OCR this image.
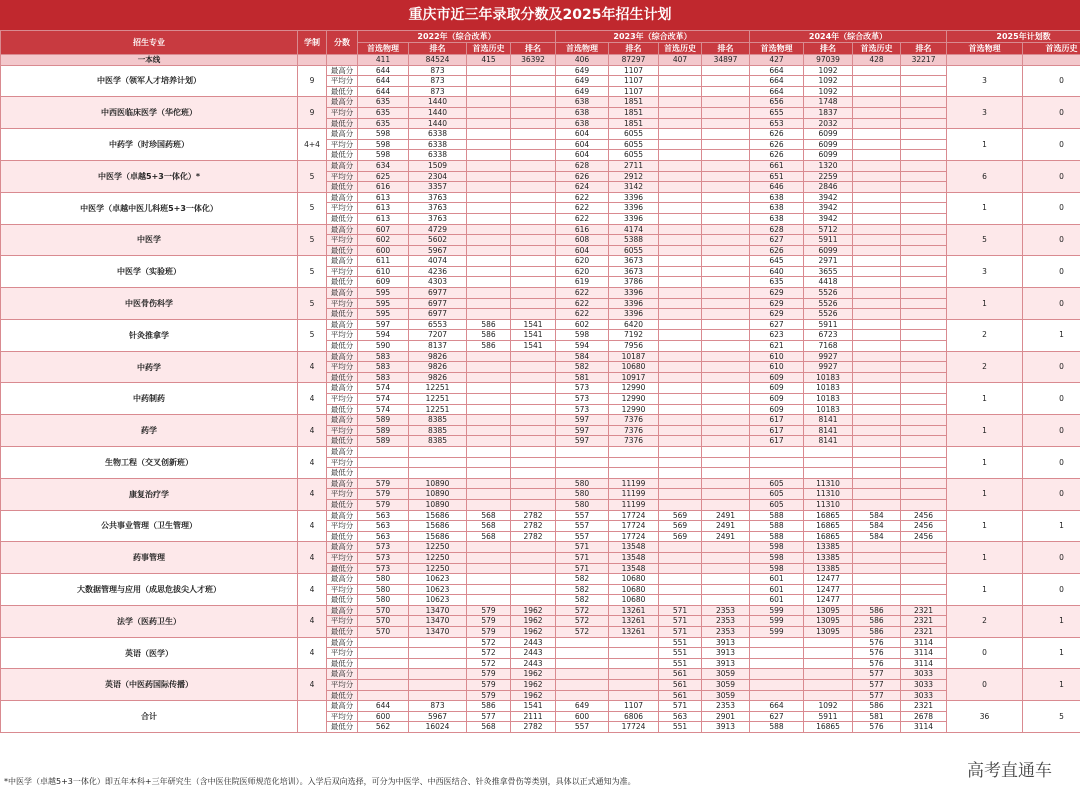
重庆市近三年录取分数及2025年招生计划
招生专业	学制	分数	2022年（综合改革）				2023年（综合改革）				2024年（综合改革）				2025年计划数	
			首选物理	排名	首选历史	排名	首选物理	排名	首选历史	排名	首选物理	排名	首选历史	排名	首选物理	首选历史
一本线			411	84524	415	36392	406	87297	407	34897	427	97039	428	32217		
中医学（领军人才培养计划）	9	最高分	644	873			649	1107			664	1092			3	0
		平均分	644	873			649	1107			664	1092				
		最低分	644	873			649	1107			664	1092				
中西医临床医学（华佗班）	9	最高分	635	1440			638	1851			656	1748			3	0
		平均分	635	1440			638	1851			655	1837				
		最低分	635	1440			638	1851			653	2032				
中药学（时珍国药班）	4+4	最高分	598	6338			604	6055			626	6099			1	0
		平均分	598	6338			604	6055			626	6099				
		最低分	598	6338			604	6055			626	6099				
中医学（卓越5+3一体化）*	5	最高分	634	1509			628	2711			661	1320			6	0
		平均分	625	2304			626	2912			651	2259				
		最低分	616	3357			624	3142			646	2846				
中医学（卓越中医儿科班5+3一体化）	5	最高分	613	3763			622	3396			638	3942			1	0
		平均分	613	3763			622	3396			638	3942				
		最低分	613	3763			622	3396			638	3942				
中医学	5	最高分	607	4729			616	4174			628	5712			5	0
		平均分	602	5602			608	5388			627	5911				
		最低分	600	5967			604	6055			626	6099				
中医学（实验班）	5	最高分	611	4074			620	3673			645	2971			3	0
		平均分	610	4236			620	3673			640	3655				
		最低分	609	4303			619	3786			635	4418				
中医骨伤科学	5	最高分	595	6977			622	3396			629	5526			1	0
		平均分	595	6977			622	3396			629	5526				
		最低分	595	6977			622	3396			629	5526				
针灸推拿学	5	最高分	597	6553	586	1541	602	6420			627	5911			2	1
		平均分	594	7207	586	1541	598	7192			623	6723				
		最低分	590	8137	586	1541	594	7956			621	7168				
中药学	4	最高分	583	9826			584	10187			610	9927			2	0
		平均分	583	9826			582	10680			610	9927				
		最低分	583	9826			581	10917			609	10183				
中药制药	4	最高分	574	12251			573	12990			609	10183			1	0
		平均分	574	12251			573	12990			609	10183				
		最低分	574	12251			573	12990			609	10183				
药学	4	最高分	589	8385			597	7376			617	8141			1	0
		平均分	589	8385			597	7376			617	8141				
		最低分	589	8385			597	7376			617	8141				
生物工程（交叉创新班）	4	最高分													1	0
		平均分														
		最低分														
康复治疗学	4	最高分	579	10890			580	11199			605	11310			1	0
		平均分	579	10890			580	11199			605	11310				
		最低分	579	10890			580	11199			605	11310				
公共事业管理（卫生管理）	4	最高分	563	15686	568	2782	557	17724	569	2491	588	16865	584	2456	1	1
		平均分	563	15686	568	2782	557	17724	569	2491	588	16865	584	2456		
		最低分	563	15686	568	2782	557	17724	569	2491	588	16865	584	2456		
药事管理	4	最高分	573	12250			571	13548			598	13385			1	0
		平均分	573	12250			571	13548			598	13385				
		最低分	573	12250			571	13548			598	13385				
大数据管理与应用（成思危拔尖人才班）	4	最高分	580	10623			582	10680			601	12477			1	0
		平均分	580	10623			582	10680			601	12477				
		最低分	580	10623			582	10680			601	12477				
法学（医药卫生）	4	最高分	570	13470	579	1962	572	13261	571	2353	599	13095	586	2321	2	1
		平均分	570	13470	579	1962	572	13261	571	2353	599	13095	586	2321		
		最低分	570	13470	579	1962	572	13261	571	2353	599	13095	586	2321		
英语（医学）	4	最高分			572	2443			551	3913			576	3114	0	1
		平均分			572	2443			551	3913			576	3114		
		最低分			572	2443			551	3913			576	3114		
英语（中医药国际传播）	4	最高分			579	1962			561	3059			577	3033	0	1
		平均分			579	1962			561	3059			577	3033		
		最低分			579	1962			561	3059			577	3033		
合计		最高分	644	873	586	1541	649	1107	571	2353	664	1092	586	2321	36	5
		平均分	600	5967	577	2111	600	6806	563	2901	627	5911	581	2678		
		最低分	562	16024	568	2782	557	17724	551	3913	588	16865	576	3114		
*中医学（卓越5+3一体化）即五年本科+三年研究生（含中医住院医师规范化培训）。入学后双向选择，可分为中医学、中西医结合、针灸推拿骨伤等类别，具体以正式通知为准。
高考直通车
